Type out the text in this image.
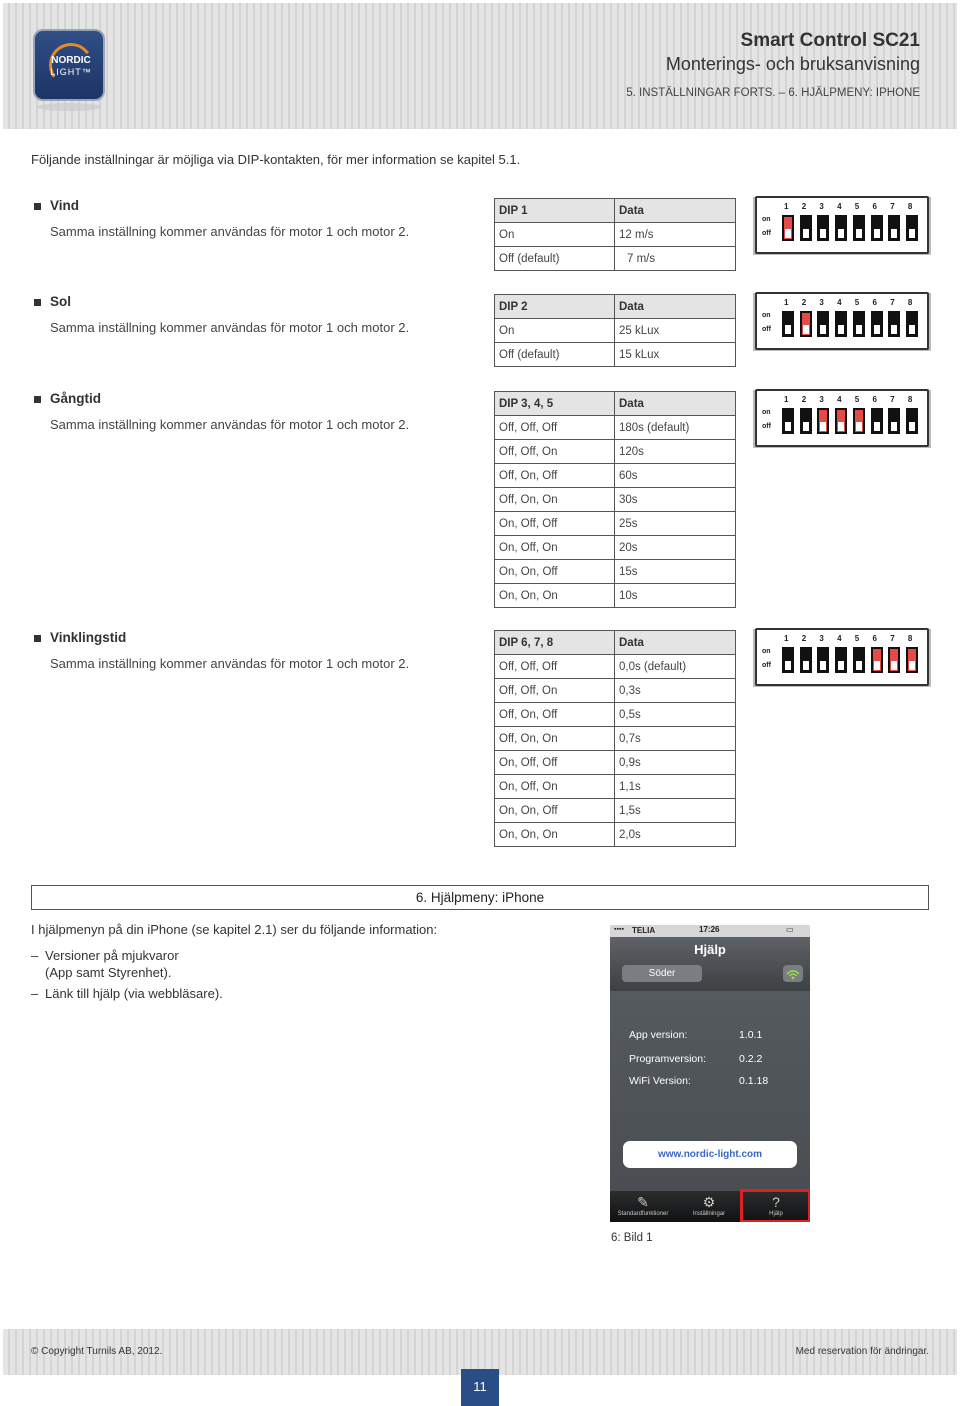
NORDIC
LIGHT™
Smart Control SC21
Monterings- och bruksanvisning
5. INSTÄLLNINGAR FORTS. – 6. HJÄLPMENY: IPHONE
Följande inställningar är möjliga via DIP-kontakten, för mer information se kapitel 5.1.
Vind
Samma inställning kommer användas för motor 1 och motor 2.
DIP 1	Data
On	12 m/s
Off (default)	7 m/s
on
off
1 2 3 4 5 6 7 8
Sol
Samma inställning kommer användas för motor 1 och motor 2.
DIP 2	Data
On	25 kLux
Off (default)	15 kLux
on
off
1 2 3 4 5 6 7 8
Gångtid
Samma inställning kommer användas för motor 1 och motor 2.
DIP 3, 4, 5	Data
Off, Off, Off	180s (default)
Off, Off, On	120s
Off, On, Off	60s
Off, On, On	30s
On, Off, Off	25s
On, Off, On	20s
On, On, Off	15s
On, On, On	10s
on
off
1 2 3 4 5 6 7 8
Vinklingstid
Samma inställning kommer användas för motor 1 och motor 2.
DIP 6, 7, 8	Data
Off, Off, Off	0,0s (default)
Off, Off, On	0,3s
Off, On, Off	0,5s
Off, On, On	0,7s
On, Off, Off	0,9s
On, Off, On	1,1s
On, On, Off	1,5s
On, On, On	2,0s
on
off
1 2 3 4 5 6 7 8
6. Hjälpmeny: iPhone
I hjälpmenyn på din iPhone (se kapitel 2.1) ser du följande information:
– Versioner på mjukvaror
(App samt Styrenhet).
– Länk till hjälp (via webbläsare).
▪▪▪▪ TELIA	17:26	▭
Hjälp
Söder
App version:	1.0.1
Programversion:	0.2.2
WiFi Version:	0.1.18
www.nordic-light.com
✎
Standardfunktioner
⚙
Inställningar
?
Hjälp
6: Bild 1
© Copyright Turnils AB, 2012.	Med reservation för ändringar.
11
